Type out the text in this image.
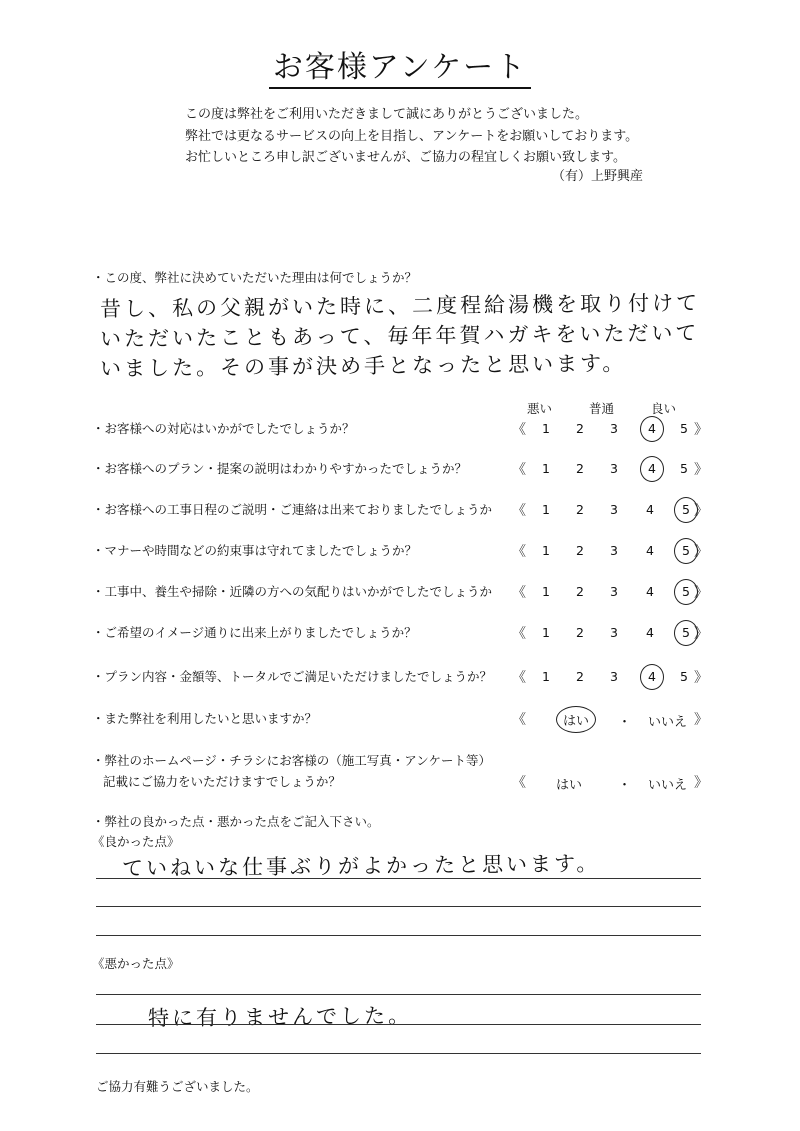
お客様アンケート
この度は弊社をご利用いただきまして誠にありがとうございました。
弊社では更なるサービスの向上を目指し、アンケートをお願いしております。
お忙しいところ申し訳ございませんが、ご協力の程宜しくお願い致します。
（有）上野興産
・この度、弊社に決めていただいた理由は何でしょうか？
昔し、私の父親がいた時に、二度程給湯機を取り付けて
いただいたこともあって、毎年年賀ハガキをいただいて
いました。その事が決め手となったと思います。
悪い	普通	良い
・お客様への対応はいかがでしたでしょうか？	《	1	2	3	4	5 》
・お客様へのプラン・提案の説明はわかりやすかったでしょうか？	《	1	2	3	4	5 》
・お客様への工事日程のご説明・ご連絡は出来ておりましたでしょうか 《	1	2	3	4	5 》
・マナーや時間などの約束事は守れてましたでしょうか？	《	1	2	3	4	5 》
・工事中、養生や掃除・近隣の方への気配りはいかがでしたでしょうか 《	1	2	3	4	5 》
・ご希望のイメージ通りに出来上がりましたでしょうか？	《	1	2	3	4	5 》
・プラン内容・金額等、トータルでご満足いただけましたでしょうか？ 《	1	2	3	4	5 》
・また弊社を利用したいと思いますか？	《	はい	・ いいえ 》
・弊社のホームページ・チラシにお客様の（施工写真・アンケート等）
記載にご協力をいただけますでしょうか？	《 はい	・ いいえ 》
・弊社の良かった点・悪かった点をご記入下さい。
《良かった点》
ていねいな仕事ぶりがよかったと思います。
《悪かった点》
特に有りませんでした。
ご協力有難うございました。
